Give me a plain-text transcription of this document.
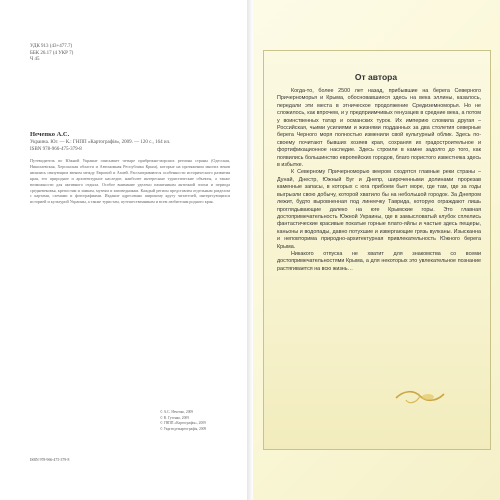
УДК 913 (43+477.7)
ББК 26.17 (4 УКР 7)
Ч 45
Нечепко А.С.
Украина. Юг. — К.: ГНПП «Картографія», 2009. — 120 с., 164 ил.
ISBN 978-966-475-379-8
Путеводитель по Южной Украине описывает четыре прибрежно-морских региона страны (Одесская, Николаевская, Херсонская области и Автономная Республика Крым), которые на протяжении многих веков являлись связующим звеном между Европой и Азией. Рассматриваются особенности исторического развития края, его природное и архитектурное наследие, наиболее интересные туристические объекты, а также возможности для активного отдыха. Особое внимание уделено памятникам античной эпохи и периода средневековья, крепостям и замкам, музеям и заповедникам. Каждый регион представлен отдельным разделом с картами, схемами и фотографиями. Издание адресовано широкому кругу читателей, интересующихся историей и культурой Украины, а также туристам, путешественникам и всем любителям родного края.
© А.С. Нечепко, 2009
© В. Гутенко, 2009
© ГНПП «Картографія», 2009
© Укргеодезкартографія, 2009
ISBN 978-966-475-379-8
От автора

Когда-то, более 2500 лет назад, прибывшие на берега Северного Причерноморья и Крыма, обосновавшиеся здесь на века эллины, казалось, передали эти места в этническое продолжение Средиземноморья. Но не сложилось, как впрочем, и у предприимчивых генуэзцев в средние века, а потом у воинственных татар и османских турок. Их империю сломила другая – Российская, чьими усилиями и жизнями подданных за два столетия северные берега Черного моря полностью изменили свой культурный облик. Здесь по-своему почитают бывших хозяев края, сохраняя их градостроительное и фортификационное наследие. Здесь строили в камне задолго до того, как появились большинство европейских городов, благо пористого известняка здесь в избытке.

К Северному Причерноморью веером сходятся главные реки страны – Дунай, Днестр, Южный Буг и Днепр, широченными долинами прорезав каменные запасы, в которых с юга прибоем бьет море, где там, где за годы выгрызли свою добычу, которой хватило бы на небольшой городок. За Днепром лежит, будто выровненная под линеечку Таврида, которую ограждают лишь проглядывающие далеко на юге Крымские горы. Это главная достопримечательность Южной Украины, где в замысловатый клубок сплелись фантастические красивые покатые горные плато-яйлы и частые здесь пещеры, каньоны и водопады, давно потухшие и извергающие грязь вулканы. Изысканна и неповторима природно-архитектурная привлекательность Южного берега Крыма.

Никакого отпуска не хватит для знакомства со всеми достопримечательностями Крыма, а для некоторых это увлекательное познание растягивается на всю жизнь…
